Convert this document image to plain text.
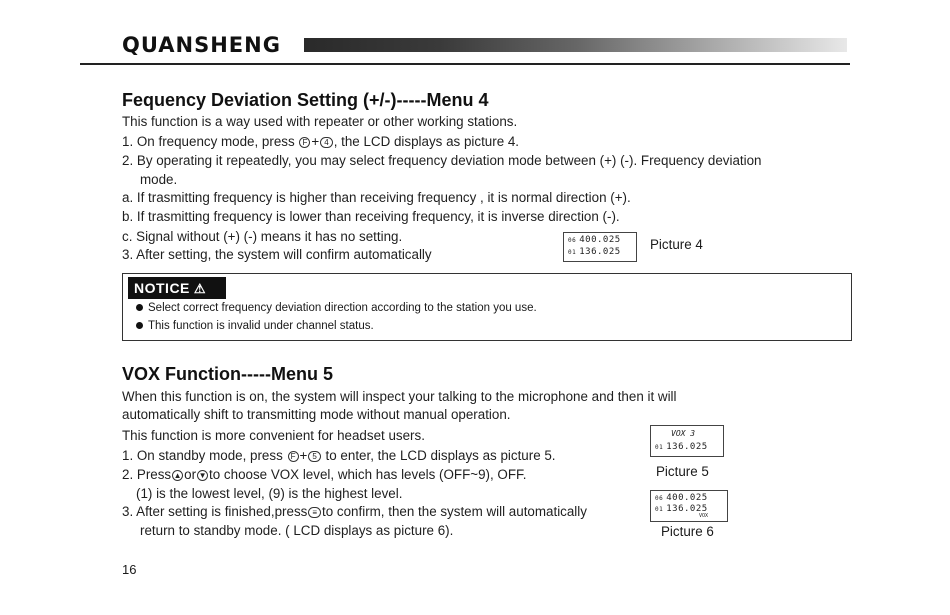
QUANSHENG
Fequency Deviation Setting (+/-)-----Menu 4
This function is a way used with repeater or other working stations.
1. On frequency mode, press F + 4 , the LCD displays as picture 4.
2. By operating it repeatedly, you may select frequency deviation mode between (+) (-). Frequency deviation
mode.
a. If trasmitting frequency is higher than receiving frequency , it is normal direction (+).
b. If trasmitting frequency is lower than receiving frequency, it is inverse direction (-).
c. Signal without (+) (-) means it has no setting.
3. After setting, the system will confirm automatically
06 400.025
01 136.025 Picture 4
NOTICE ⚠
Select correct frequency deviation direction according to the station you use.
This function is invalid under channel status.
VOX Function-----Menu 5
When this function is on, the system will inspect your talking to the microphone and then it will
automatically shift to transmitting mode without manual operation.
This function is more convenient for headset users.
1. On standby mode, press F + 5 to enter, the LCD displays as picture 5.
2. Press ▲ or ▼ to choose VOX level, which has levels (OFF~9), OFF.
(1) is the lowest level, (9) is the highest level.
3. After setting is finished,press ≡ to confirm, then the system will automatically
return to standby mode. ( LCD displays as picture 6).
VOX 3
01 136.025
Picture 5
06 400.025
01 136.025
VOX
Picture 6
16
